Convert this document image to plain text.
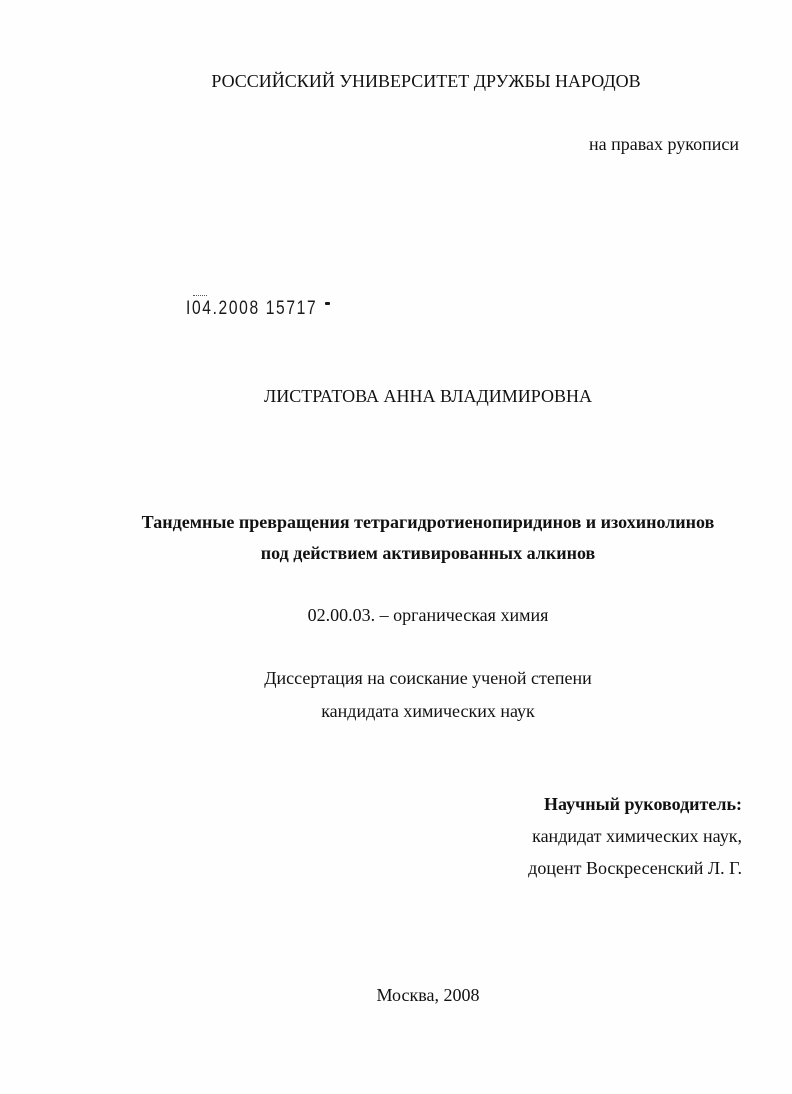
РОССИЙСКИЙ УНИВЕРСИТЕТ ДРУЖБЫ НАРОДОВ
на правах рукописи
I04.2008 15717
ЛИСТРАТОВА АННА ВЛАДИМИРОВНА
Тандемные превращения тетрагидротиенопиридинов и изохинолинов
под действием активированных алкинов
02.00.03. – органическая химия
Диссертация на соискание ученой степени
кандидата химических наук
Научный руководитель:
кандидат химических наук,
доцент Воскресенский Л. Г.
Москва, 2008
